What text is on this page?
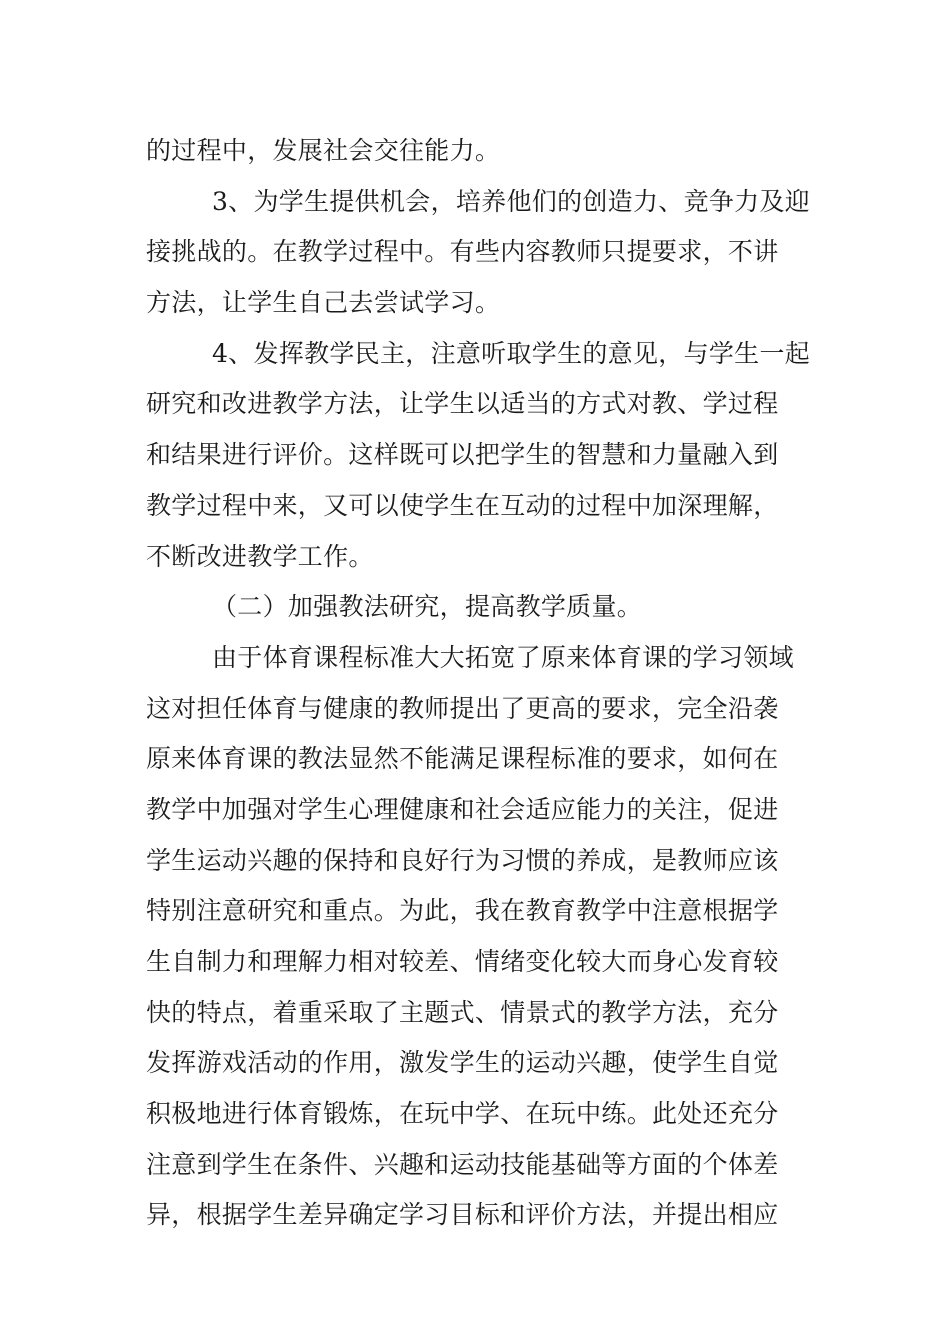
的过程中，发展社会交往能力。
3、为学生提供机会，培养他们的创造力、竞争力及迎
接挑战的。在教学过程中。有些内容教师只提要求，不讲
方法，让学生自己去尝试学习。
4、发挥教学民主，注意听取学生的意见，与学生一起
研究和改进教学方法，让学生以适当的方式对教、学过程
和结果进行评价。这样既可以把学生的智慧和力量融入到
教学过程中来，又可以使学生在互动的过程中加深理解，
不断改进教学工作。
（二）加强教法研究，提高教学质量。
由于体育课程标准大大拓宽了原来体育课的学习领域
这对担任体育与健康的教师提出了更高的要求，完全沿袭
原来体育课的教法显然不能满足课程标准的要求，如何在
教学中加强对学生心理健康和社会适应能力的关注，促进
学生运动兴趣的保持和良好行为习惯的养成，是教师应该
特别注意研究和重点。为此，我在教育教学中注意根据学
生自制力和理解力相对较差、情绪变化较大而身心发育较
快的特点，着重采取了主题式、情景式的教学方法，充分
发挥游戏活动的作用，激发学生的运动兴趣，使学生自觉
积极地进行体育锻炼，在玩中学、在玩中练。此处还充分
注意到学生在条件、兴趣和运动技能基础等方面的个体差
异，根据学生差异确定学习目标和评价方法，并提出相应
